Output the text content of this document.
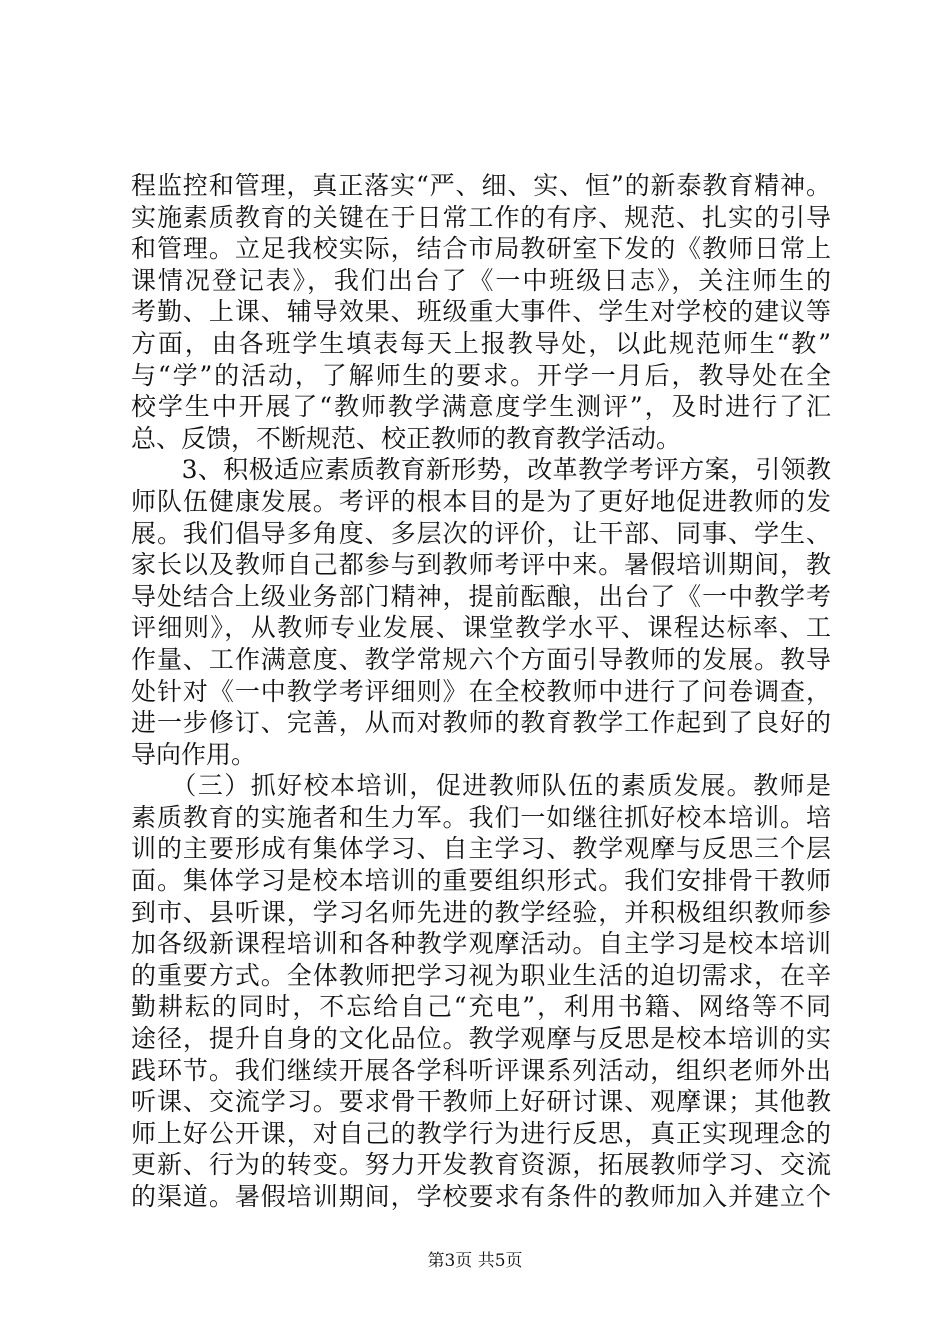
程监控和管理，真正落实“严、细、实、恒”的新泰教育精神。
实施素质教育的关键在于日常工作的有序、规范、扎实的引导
和管理。立足我校实际，结合市局教研室下发的《教师日常上
课情况登记表》，我们出台了《一中班级日志》，关注师生的
考勤、上课、辅导效果、班级重大事件、学生对学校的建议等
方面，由各班学生填表每天上报教导处，以此规范师生“教”
与“学”的活动，了解师生的要求。开学一月后，教导处在全
校学生中开展了“教师教学满意度学生测评”，及时进行了汇
总、反馈，不断规范、校正教师的教育教学活动。
　　3、积极适应素质教育新形势，改革教学考评方案，引领教
师队伍健康发展。考评的根本目的是为了更好地促进教师的发
展。我们倡导多角度、多层次的评价，让干部、同事、学生、
家长以及教师自己都参与到教师考评中来。暑假培训期间，教
导处结合上级业务部门精神，提前酝酿，出台了《一中教学考
评细则》，从教师专业发展、课堂教学水平、课程达标率、工
作量、工作满意度、教学常规六个方面引导教师的发展。教导
处针对《一中教学考评细则》在全校教师中进行了问卷调查，
进一步修订、完善，从而对教师的教育教学工作起到了良好的
导向作用。
　　（三）抓好校本培训，促进教师队伍的素质发展。教师是
素质教育的实施者和生力军。我们一如继往抓好校本培训。培
训的主要形成有集体学习、自主学习、教学观摩与反思三个层
面。集体学习是校本培训的重要组织形式。我们安排骨干教师
到市、县听课，学习名师先进的教学经验，并积极组织教师参
加各级新课程培训和各种教学观摩活动。自主学习是校本培训
的重要方式。全体教师把学习视为职业生活的迫切需求，在辛
勤耕耘的同时，不忘给自己“充电”，利用书籍、网络等不同
途径，提升自身的文化品位。教学观摩与反思是校本培训的实
践环节。我们继续开展各学科听评课系列活动，组织老师外出
听课、交流学习。要求骨干教师上好研讨课、观摩课；其他教
师上好公开课，对自己的教学行为进行反思，真正实现理念的
更新、行为的转变。努力开发教育资源，拓展教师学习、交流
的渠道。暑假培训期间，学校要求有条件的教师加入并建立个
第3页 共5页
